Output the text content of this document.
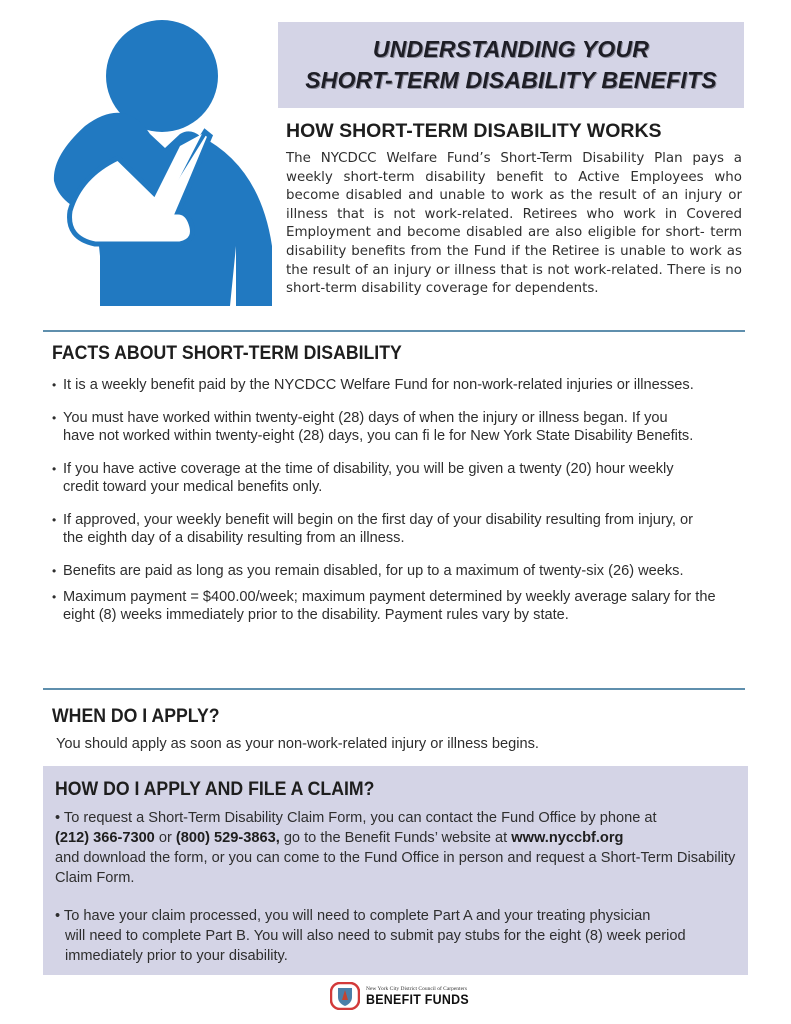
UNDERSTANDING YOUR
SHORT-TERM DISABILITY BENEFITS
HOW SHORT-TERM DISABILITY WORKS
The NYCDCC Welfare Fund’s Short-Term Disability Plan pays a weekly short-term disability benefit to Active Employees who become disabled and unable to work as the result of an injury or illness that is not work-related. Retirees who work in Covered Employment and become disabled are also eligible for short- term disability benefits from the Fund if the Retiree is unable to work as the result of an injury or illness that is not work-related. There is no short-term disability coverage for dependents.
FACTS ABOUT SHORT-TERM DISABILITY
• It is a weekly benefit paid by the NYCDCC Welfare Fund for non-work-related injuries or illnesses.
• You must have worked within twenty-eight (28) days of when the injury or illness began. If you have not worked within twenty-eight (28) days, you can fi le for New York State Disability Benefits.
• If you have active coverage at the time of disability, you will be given a twenty (20) hour weekly credit toward your medical benefits only.
• If approved, your weekly benefit will begin on the first day of your disability resulting from injury, or the eighth day of a disability resulting from an illness.
• Benefits are paid as long as you remain disabled, for up to a maximum of twenty-six (26) weeks.
• Maximum payment = $400.00/week; maximum payment determined by weekly average salary for the eight (8) weeks immediately prior to the disability. Payment rules vary by state.
WHEN DO I APPLY?
You should apply as soon as your non-work-related injury or illness begins.
HOW DO I APPLY AND FILE A CLAIM?
• To request a Short-Term Disability Claim Form, you can contact the Fund Office by phone at
(212) 366-7300 or (800) 529-3863, go to the Benefit Funds’ website at www.nyccbf.org
and download the form, or you can come to the Fund Office in person and request a Short-Term Disability Claim Form.
• To have your claim processed, you will need to complete Part A and your treating physician
will need to complete Part B. You will also need to submit pay stubs for the eight (8) week period immediately prior to your disability.
New York City District Council of Carpenters
BENEFIT FUNDS
